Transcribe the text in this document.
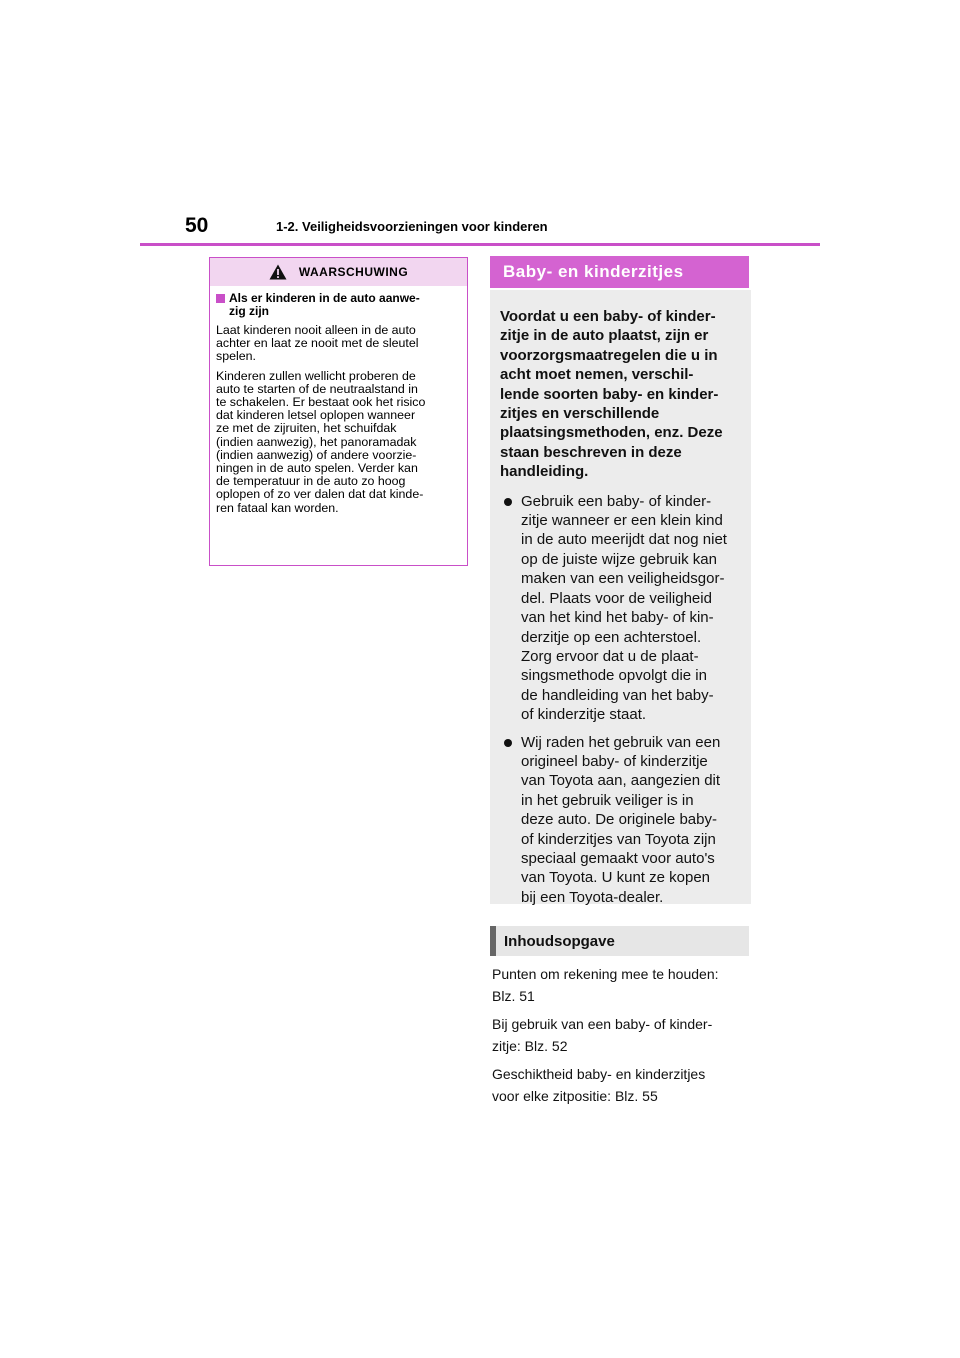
50	1-2. Veiligheidsvoorzieningen voor kinderen
WAARSCHUWING
Als er kinderen in de auto aanwe-
zig zijn

Laat kinderen nooit alleen in de auto
achter en laat ze nooit met de sleutel
spelen.

Kinderen zullen wellicht proberen de
auto te starten of de neutraalstand in
te schakelen. Er bestaat ook het risico
dat kinderen letsel oplopen wanneer
ze met de zijruiten, het schuifdak
(indien aanwezig), het panoramadak
(indien aanwezig) of andere voorzie-
ningen in de auto spelen. Verder kan
de temperatuur in de auto zo hoog
oplopen of zo ver dalen dat dat kinde-
ren fataal kan worden.

Baby- en kinderzitjes

Voordat u een baby- of kinder-
zitje in de auto plaatst, zijn er
voorzorgsmaatregelen die u in
acht moet nemen, verschil-
lende soorten baby- en kinder-
zitjes en verschillende
plaatsingsmethoden, enz. Deze
staan beschreven in deze
handleiding.

Gebruik een baby- of kinder-
zitje wanneer er een klein kind
in de auto meerijdt dat nog niet
op de juiste wijze gebruik kan
maken van een veiligheidsgor-
del. Plaats voor de veiligheid
van het kind het baby- of kin-
derzitje op een achterstoel.
Zorg ervoor dat u de plaat-
singsmethode opvolgt die in
de handleiding van het baby-
of kinderzitje staat.
Wij raden het gebruik van een
origineel baby- of kinderzitje
van Toyota aan, aangezien dit
in het gebruik veiliger is in
deze auto. De originele baby-
of kinderzitjes van Toyota zijn
speciaal gemaakt voor auto's
van Toyota. U kunt ze kopen
bij een Toyota-dealer.
Inhoudsopgave
Punten om rekening mee te houden:
Blz. 51
Bij gebruik van een baby- of kinder-
zitje: Blz. 52
Geschiktheid baby- en kinderzitjes
voor elke zitpositie: Blz. 55
